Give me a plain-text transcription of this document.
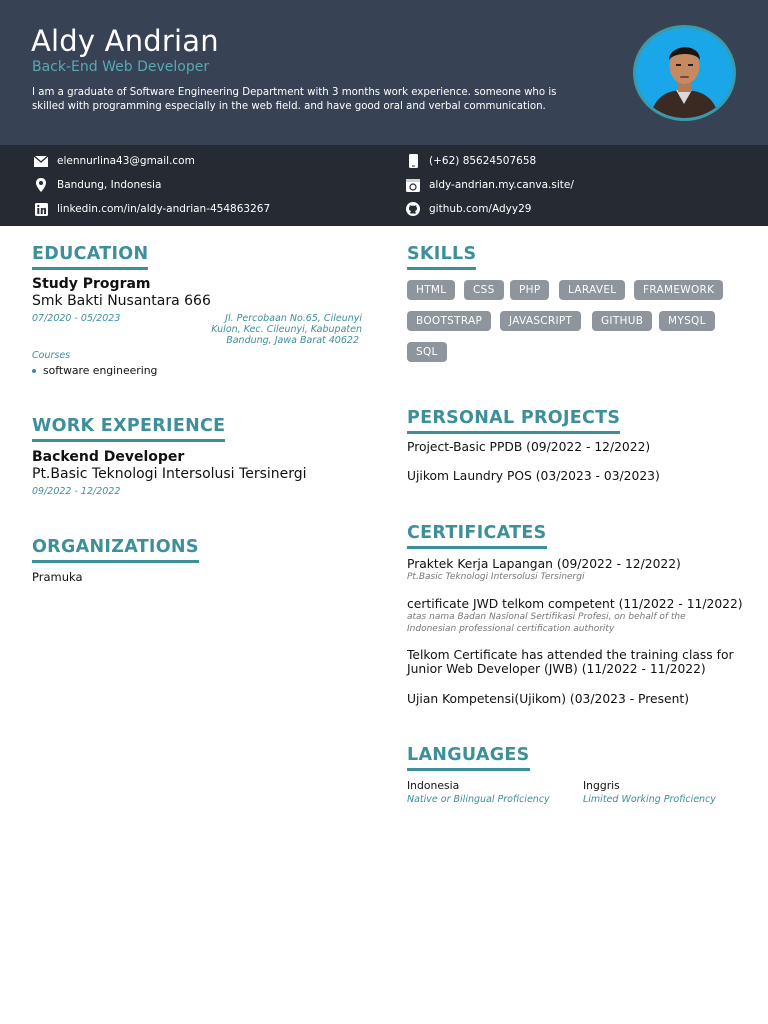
Aldy Andrian
Back-End Web Developer
I am a graduate of Software Engineering Department with 3 months work experience. someone who is skilled with programming especially in the web field. and have good oral and verbal communication.
elennurlina43@gmail.com
Bandung, Indonesia
linkedin.com/in/aldy-andrian-454863267
(+62) 85624507658
aldy-andrian.my.canva.site/
github.com/Adyy29
EDUCATION
Study Program
Smk Bakti Nusantara 666
07/2020 - 05/2023	Jl. Percobaan No.65, Cileunyi
Kulon, Kec. Cileunyi, Kabupaten
Bandung, Jawa Barat 40622
Courses
software engineering
WORK EXPERIENCE
Backend Developer
Pt.Basic Teknologi Intersolusi Tersinergi
09/2022 - 12/2022
ORGANIZATIONS
Pramuka
SKILLS
HTML	CSS	PHP	LARAVEL	FRAMEWORK
BOOTSTRAP	JAVASCRIPT	GITHUB	MYSQL
SQL
PERSONAL PROJECTS
Project-Basic PPDB (09/2022 - 12/2022)
Ujikom Laundry POS (03/2023 - 03/2023)
CERTIFICATES
Praktek Kerja Lapangan (09/2022 - 12/2022)
Pt.Basic Teknologi Intersolusi Tersinergi
certificate JWD telkom competent (11/2022 - 11/2022)
atas nama Badan Nasional Sertifikasi Profesi, on behalf of the Indonesian professional certification authority
Telkom Certificate has attended the training class for Junior Web Developer (JWB) (11/2022 - 11/2022)
Ujian Kompetensi(Ujikom) (03/2023 - Present)
LANGUAGES
Indonesia
Native or Bilingual Proficiency
Inggris
Limited Working Proficiency
